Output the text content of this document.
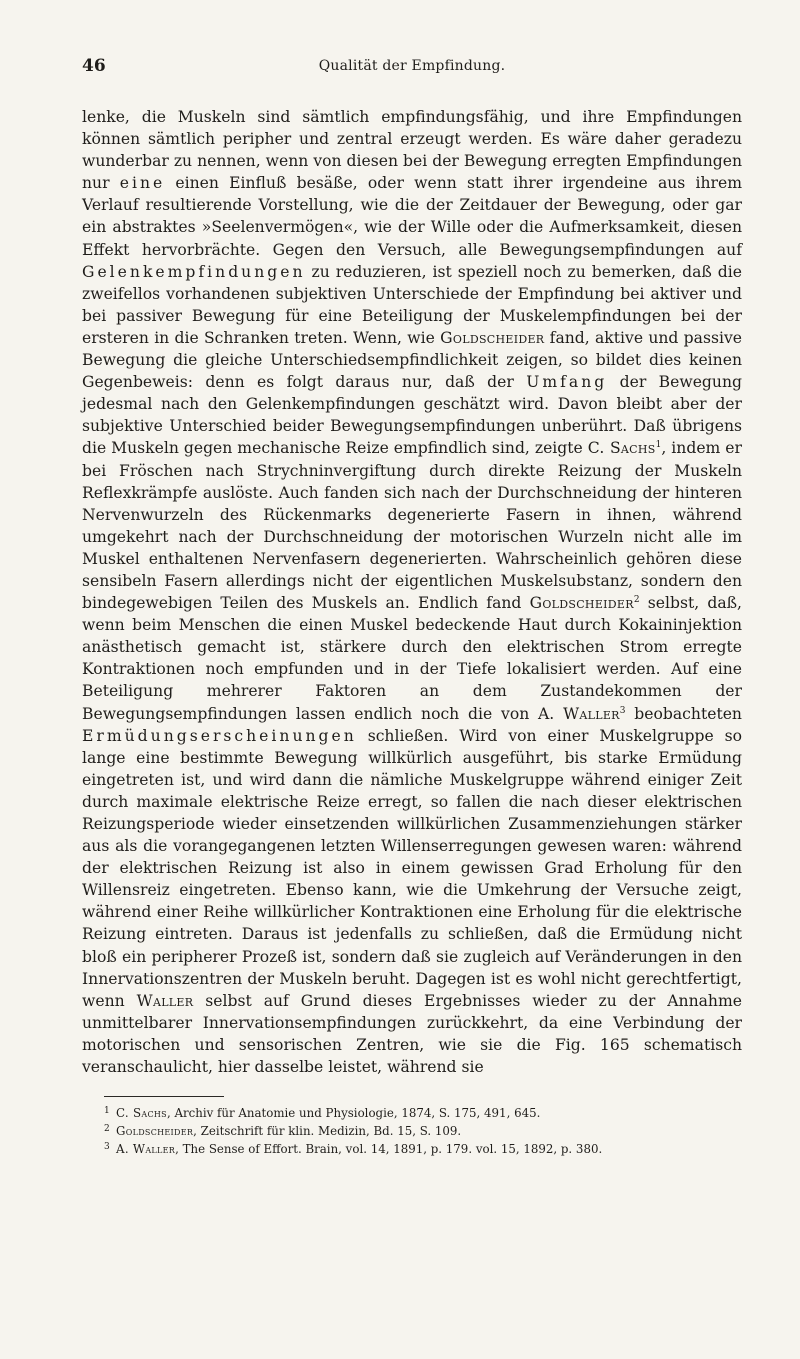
46	Qualität der Empfindung.

lenke, die Muskeln sind sämtlich empfindungsfähig, und ihre Empfindungen können sämtlich peripher und zentral erzeugt werden. Es wäre daher geradezu wunderbar zu nennen, wenn von diesen bei der Bewegung erregten Empfindungen nur eine einen Einfluß besäße, oder wenn statt ihrer irgendeine aus ihrem Verlauf resultierende Vorstellung, wie die der Zeitdauer der Bewegung, oder gar ein abstraktes »Seelenvermögen«, wie der Wille oder die Aufmerksamkeit, diesen Effekt hervorbrächte. Gegen den Versuch, alle Bewegungsempfindungen auf Gelenkempfindungen zu reduzieren, ist speziell noch zu bemerken, daß die zweifellos vorhandenen subjektiven Unterschiede der Empfindung bei aktiver und bei passiver Bewegung für eine Beteiligung der Muskelempfindungen bei der ersteren in die Schranken treten. Wenn, wie Goldscheider fand, aktive und passive Bewegung die gleiche Unterschiedsempfindlichkeit zeigen, so bildet dies keinen Gegenbeweis: denn es folgt daraus nur, daß der Umfang der Bewegung jedesmal nach den Gelenkempfindungen geschätzt wird. Davon bleibt aber der subjektive Unterschied beider Bewegungsempfindungen unberührt. Daß übrigens die Muskeln gegen mechanische Reize empfindlich sind, zeigte C. Sachs$^1$, indem er bei Fröschen nach Strychninvergiftung durch direkte Reizung der Muskeln Reflexkrämpfe auslöste. Auch fanden sich nach der Durchschneidung der hinteren Nervenwurzeln des Rückenmarks degenerierte Fasern in ihnen, während umgekehrt nach der Durchschneidung der motorischen Wurzeln nicht alle im Muskel enthaltenen Nervenfasern degenerierten. Wahrscheinlich gehören diese sensibeln Fasern allerdings nicht der eigentlichen Muskelsubstanz, sondern den bindegewebigen Teilen des Muskels an. Endlich fand Goldscheider$^2$ selbst, daß, wenn beim Menschen die einen Muskel bedeckende Haut durch Kokaininjektion anästhetisch gemacht ist, stärkere durch den elektrischen Strom erregte Kontraktionen noch empfunden und in der Tiefe lokalisiert werden. Auf eine Beteiligung mehrerer Faktoren an dem Zustandekommen der Bewegungsempfindungen lassen endlich noch die von A. Waller$^3$ beobachteten Ermüdungserscheinungen schließen. Wird von einer Muskelgruppe so lange eine bestimmte Bewegung willkürlich ausgeführt, bis starke Ermüdung eingetreten ist, und wird dann die nämliche Muskelgruppe während einiger Zeit durch maximale elektrische Reize erregt, so fallen die nach dieser elektrischen Reizungsperiode wieder einsetzenden willkürlichen Zusammenziehungen stärker aus als die vorangegangenen letzten Willenserregungen gewesen waren: während der elektrischen Reizung ist also in einem gewissen Grad Erholung für den Willensreiz eingetreten. Ebenso kann, wie die Umkehrung der Versuche zeigt, während einer Reihe willkürlicher Kontraktionen eine Erholung für die elektrische Reizung eintreten. Daraus ist jedenfalls zu schließen, daß die Ermüdung nicht bloß ein peripherer Prozeß ist, sondern daß sie zugleich auf Veränderungen in den Innervationszentren der Muskeln beruht. Dagegen ist es wohl nicht gerechtfertigt, wenn Waller selbst auf Grund dieses Ergebnisses wieder zu der Annahme unmittelbarer Innervationsempfindungen zurückkehrt, da eine Verbindung der motorischen und sensorischen Zentren, wie sie die Fig. 165 schematisch veranschaulicht, hier dasselbe leistet, während sie

1 C. Sachs, Archiv für Anatomie und Physiologie, 1874, S. 175, 491, 645.

2 Goldscheider, Zeitschrift für klin. Medizin, Bd. 15, S. 109.

3 A. Waller, The Sense of Effort. Brain, vol. 14, 1891, p. 179. vol. 15, 1892, p. 380.
